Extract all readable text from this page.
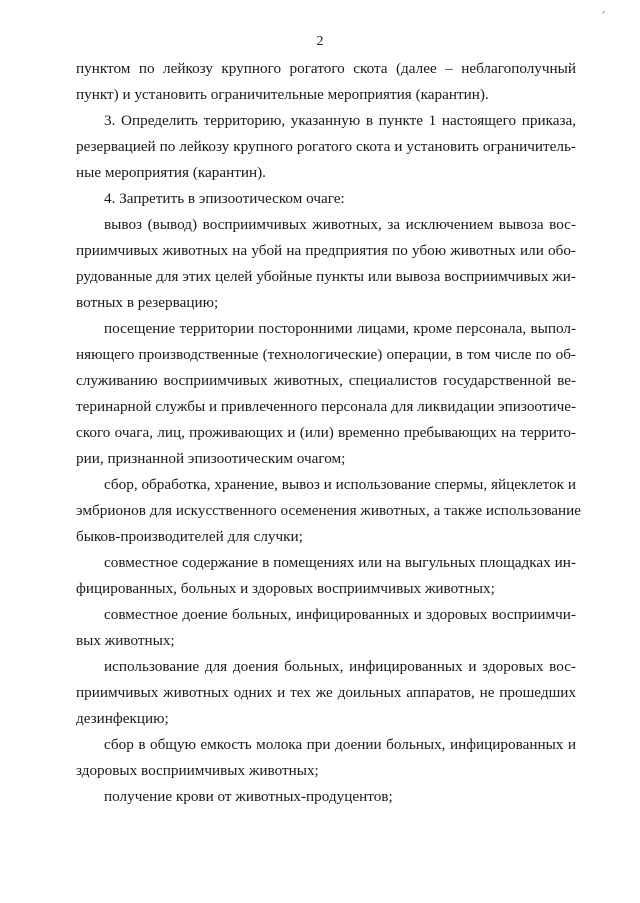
´
2
пунктом по лейкозу крупного рогатого скота (далее – неблагополучный
пункт) и установить ограничительные мероприятия (карантин).
3. Определить территорию, указанную в пункте 1 настоящего приказа,
резервацией по лейкозу крупного рогатого скота и установить ограничитель-
ные мероприятия (карантин).
4. Запретить в эпизоотическом очаге:
вывоз (вывод) восприимчивых животных, за исключением вывоза вос-
приимчивых животных на убой на предприятия по убою животных или обо-
рудованные для этих целей убойные пункты или вывоза восприимчивых жи-
вотных в резервацию;
посещение территории посторонними лицами, кроме персонала, выпол-
няющего производственные (технологические) операции, в том числе по об-
служиванию восприимчивых животных, специалистов государственной ве-
теринарной службы и привлеченного персонала для ликвидации эпизоотиче-
ского очага, лиц, проживающих и (или) временно пребывающих на террито-
рии, признанной эпизоотическим очагом;
сбор, обработка, хранение, вывоз и использование спермы, яйцеклеток и
эмбрионов для искусственного осеменения животных, а также использование
быков-производителей для случки;
совместное содержание в помещениях или на выгульных площадках ин-
фицированных, больных и здоровых восприимчивых животных;
совместное доение больных, инфицированных и здоровых восприимчи-
вых животных;
использование для доения больных, инфицированных и здоровых вос-
приимчивых животных одних и тех же доильных аппаратов, не прошедших
дезинфекцию;
сбор в общую емкость молока при доении больных, инфицированных и
здоровых восприимчивых животных;
получение крови от животных-продуцентов;
